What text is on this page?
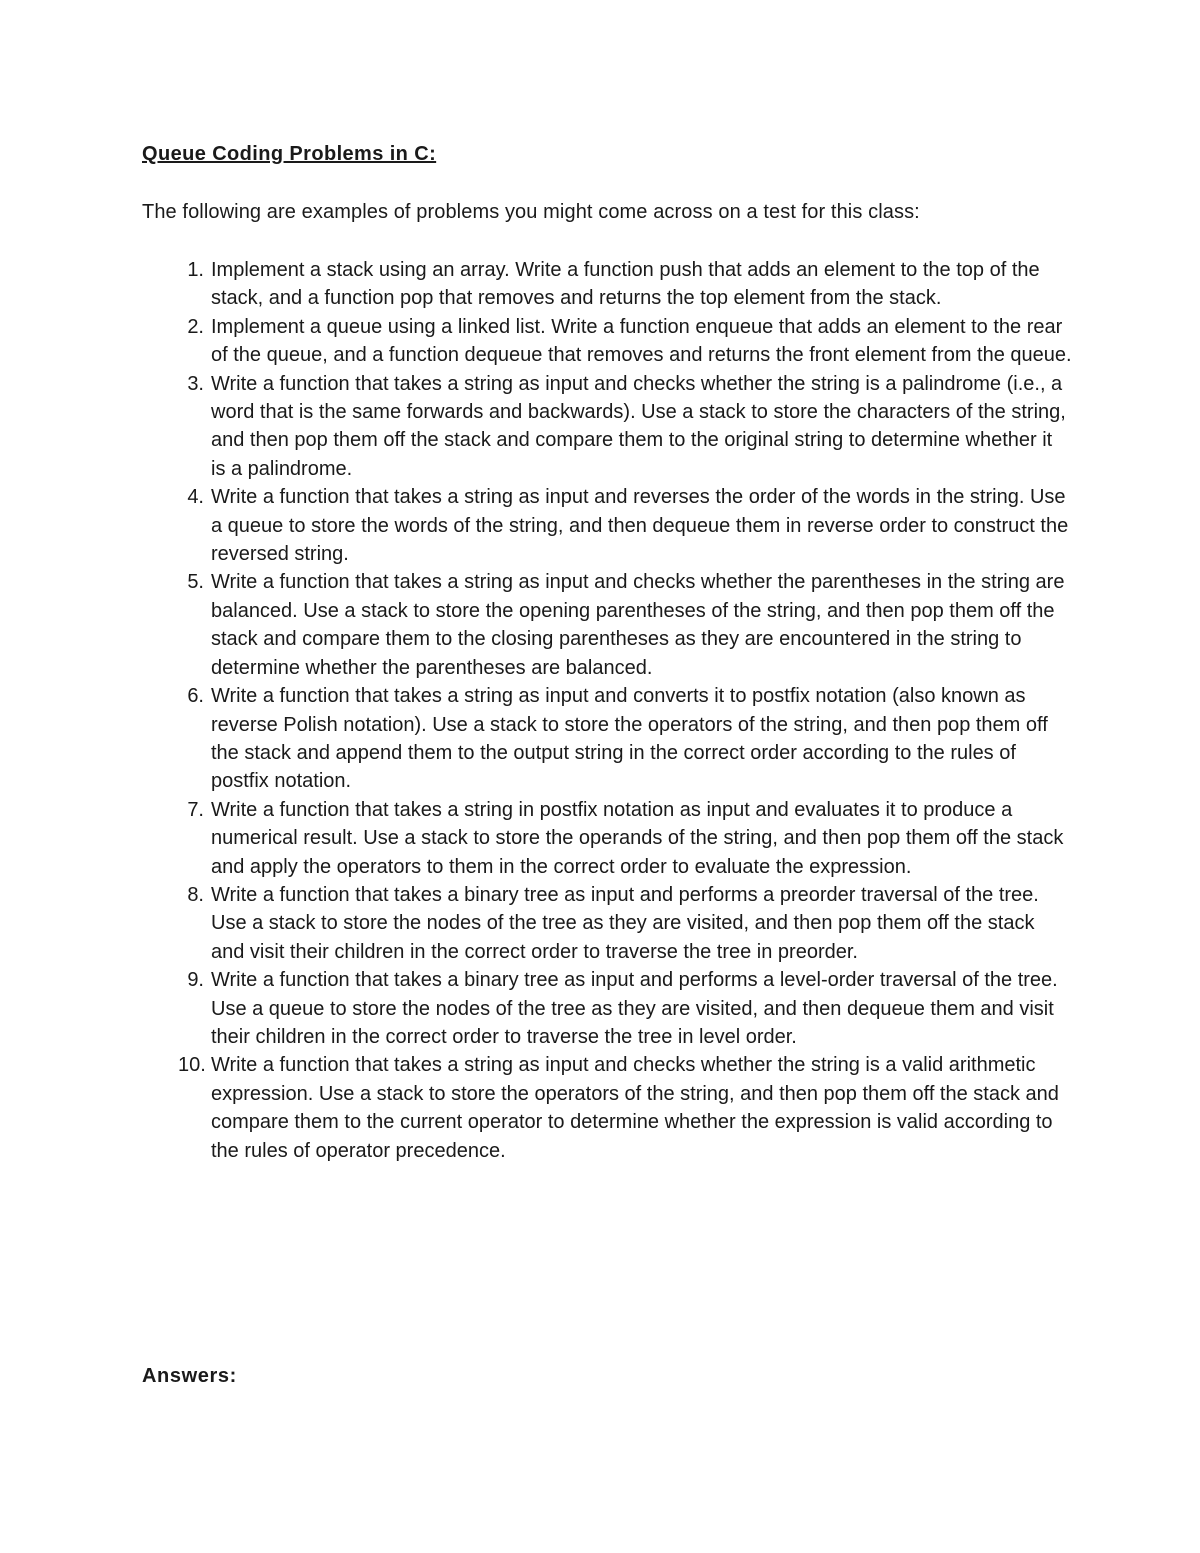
Queue Coding Problems in C:

The following are examples of problems you might come across on a test for this class:

1. Implement a stack using an array. Write a function push that adds an element to the top of the stack, and a function pop that removes and returns the top element from the stack.
2. Implement a queue using a linked list. Write a function enqueue that adds an element to the rear of the queue, and a function dequeue that removes and returns the front element from the queue.
3. Write a function that takes a string as input and checks whether the string is a palindrome (i.e., a word that is the same forwards and backwards). Use a stack to store the characters of the string, and then pop them off the stack and compare them to the original string to determine whether it is a palindrome.
4. Write a function that takes a string as input and reverses the order of the words in the string. Use a queue to store the words of the string, and then dequeue them in reverse order to construct the reversed string.
5. Write a function that takes a string as input and checks whether the parentheses in the string are balanced. Use a stack to store the opening parentheses of the string, and then pop them off the stack and compare them to the closing parentheses as they are encountered in the string to determine whether the parentheses are balanced.
6. Write a function that takes a string as input and converts it to postfix notation (also known as reverse Polish notation). Use a stack to store the operators of the string, and then pop them off the stack and append them to the output string in the correct order according to the rules of postfix notation.
7. Write a function that takes a string in postfix notation as input and evaluates it to produce a numerical result. Use a stack to store the operands of the string, and then pop them off the stack and apply the operators to them in the correct order to evaluate the expression.
8. Write a function that takes a binary tree as input and performs a preorder traversal of the tree. Use a stack to store the nodes of the tree as they are visited, and then pop them off the stack and visit their children in the correct order to traverse the tree in preorder.
9. Write a function that takes a binary tree as input and performs a level-order traversal of the tree. Use a queue to store the nodes of the tree as they are visited, and then dequeue them and visit their children in the correct order to traverse the tree in level order.
10. Write a function that takes a string as input and checks whether the string is a valid arithmetic expression. Use a stack to store the operators of the string, and then pop them off the stack and compare them to the current operator to determine whether the expression is valid according to the rules of operator precedence.
Answers:
